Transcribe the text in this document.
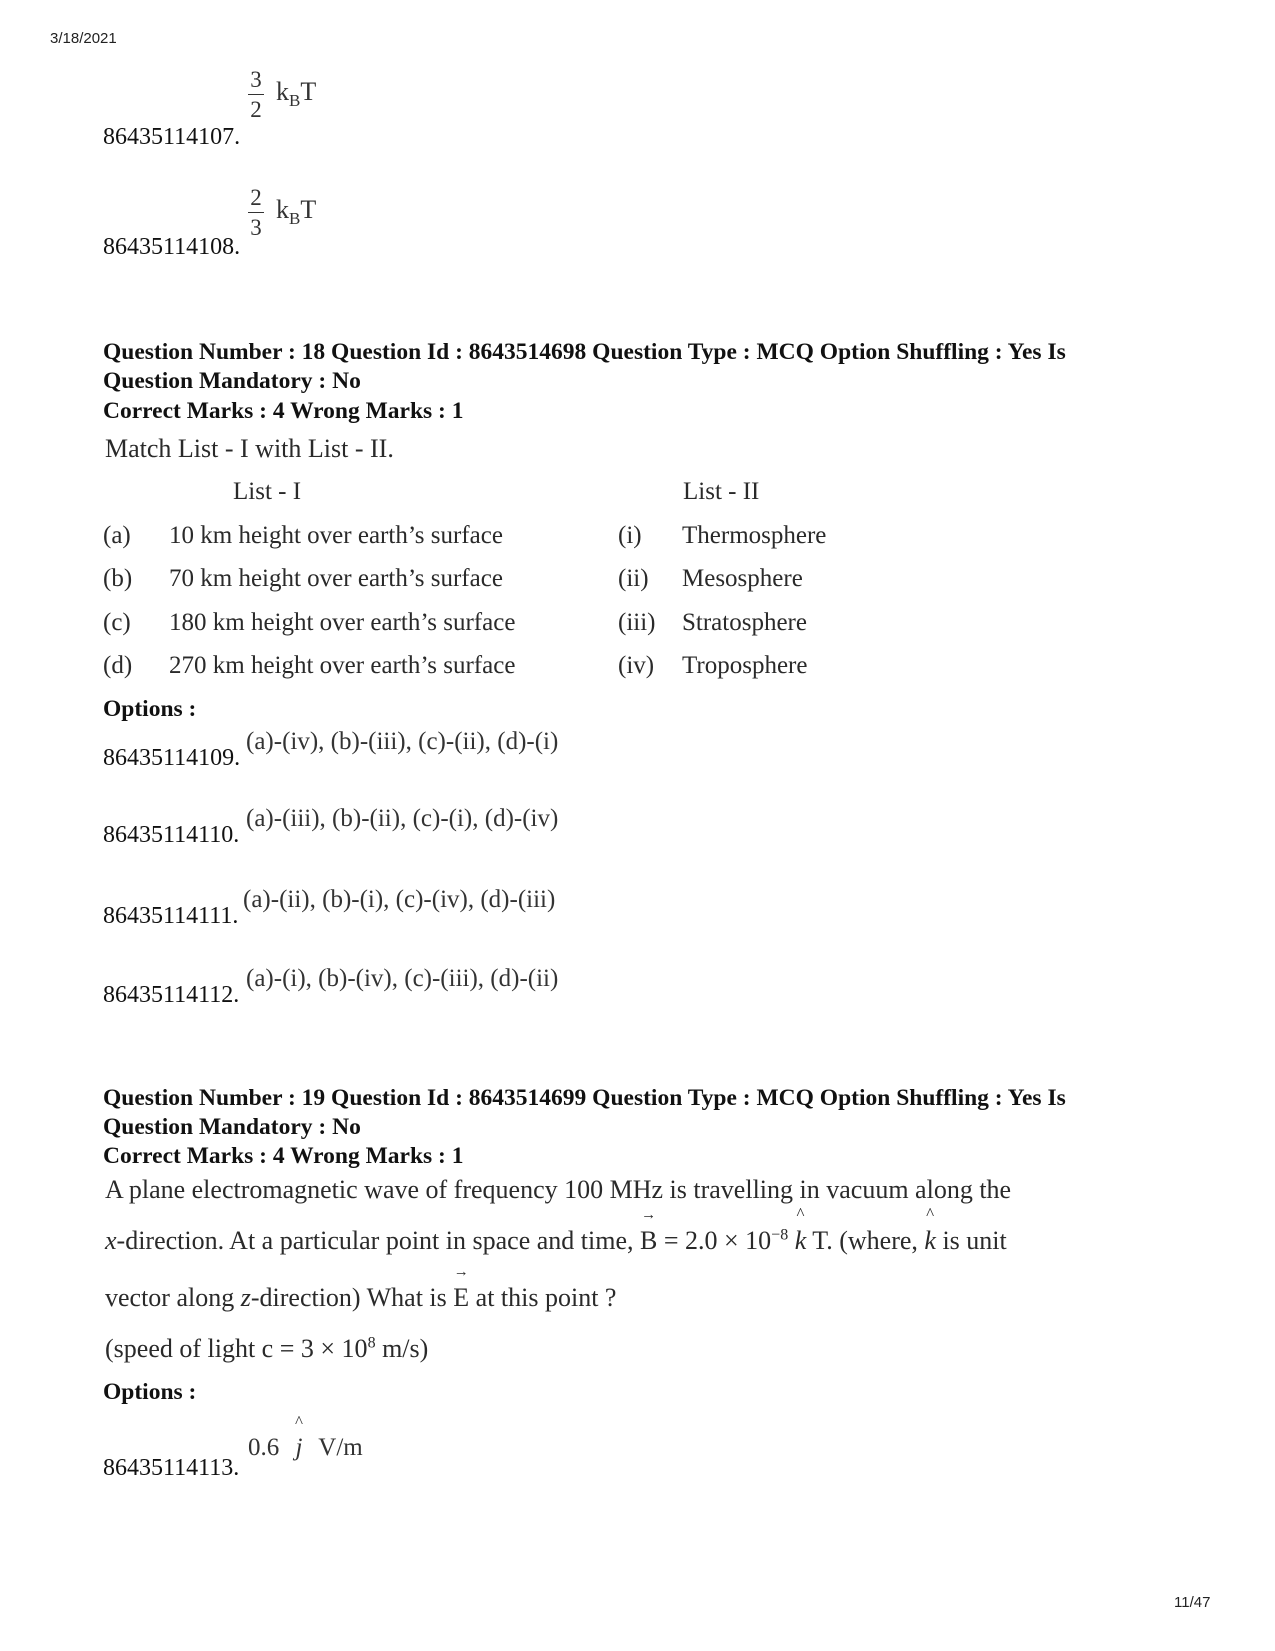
3/18/2021
11/47
$\frac{3}{2} k_BT$
86435114107.
$\frac{2}{3} k_BT$
86435114108.
Question Number : 18 Question Id : 8643514698 Question Type : MCQ Option Shuffling : Yes Is
Question Mandatory : No
Correct Marks : 4 Wrong Marks : 1
Match List - I with List - II.
List - I	List - II
(a) 10 km height over earth’s surface	(i) Thermosphere
(b) 70 km height over earth’s surface	(ii) Mesosphere
(c) 180 km height over earth’s surface	(iii) Stratosphere
(d) 270 km height over earth’s surface	(iv) Troposphere
Options :
(a)-(iv), (b)-(iii), (c)-(ii), (d)-(i)
86435114109.
(a)-(iii), (b)-(ii), (c)-(i), (d)-(iv)
86435114110.
(a)-(ii), (b)-(i), (c)-(iv), (d)-(iii)
86435114111.
(a)-(i), (b)-(iv), (c)-(iii), (d)-(ii)
86435114112.
Question Number : 19 Question Id : 8643514699 Question Type : MCQ Option Shuffling : Yes Is
Question Mandatory : No
Correct Marks : 4 Wrong Marks : 1
A plane electromagnetic wave of frequency 100 MHz is travelling in vacuum along the
x-direction. At a particular point in space and time, → $B = 2.0 \times 10^{-8}$ ^ k T. (where, ^ k is unit
vector along z-direction) What is → E at this point ?
(speed of light $c = 3 \times 10^8$ m/s)
Options :
0.6 ^ j V/m
86435114113.
